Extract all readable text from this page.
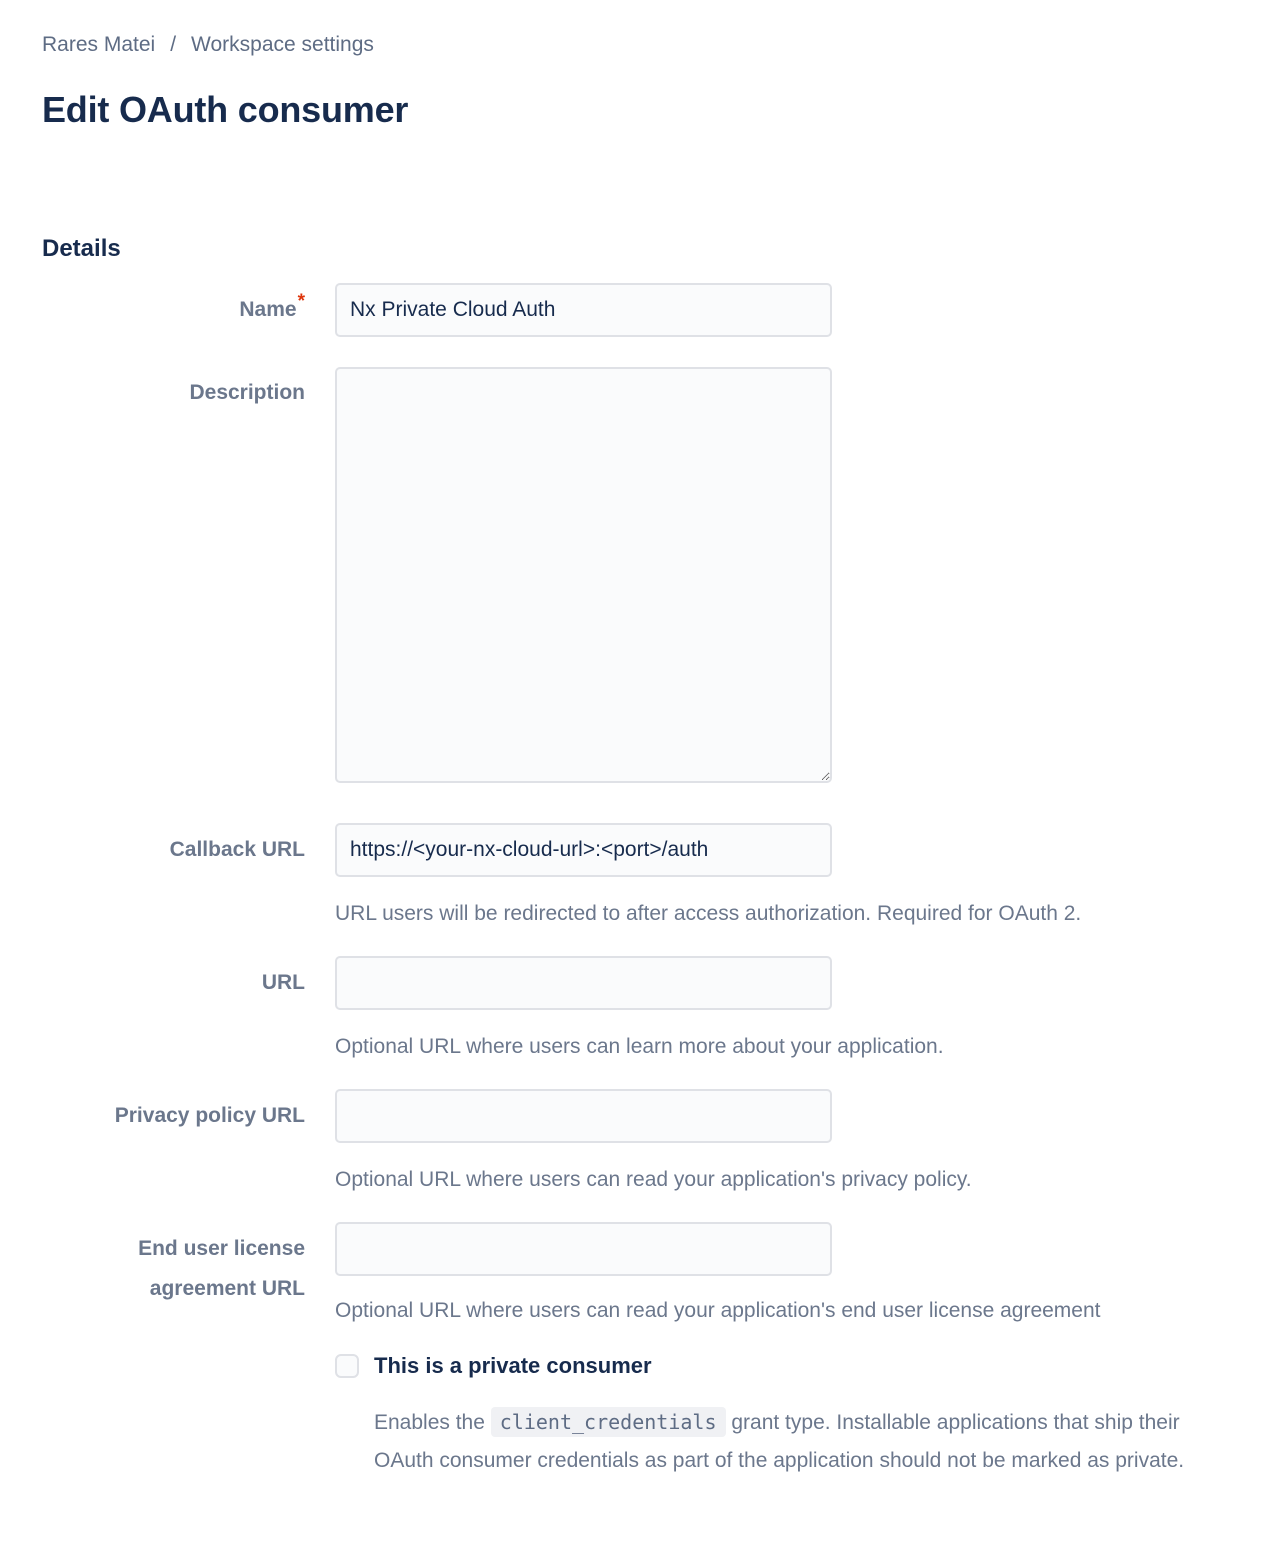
Rares Matei / Workspace settings
Edit OAuth consumer
Details
Name*
Nx Private Cloud Auth
Description
Callback URL
https://<your-nx-cloud-url>:<port>/auth

URL users will be redirected to after access authorization. Required for OAuth 2.

URL

Optional URL where users can learn more about your application.

Privacy policy URL

Optional URL where users can read your application's privacy policy.

End user license agreement URL

Optional URL where users can read your application's end user license agreement

This is a private consumer

Enables the client_credentials grant type. Installable applications that ship their OAuth consumer credentials as part of the application should not be marked as private.
